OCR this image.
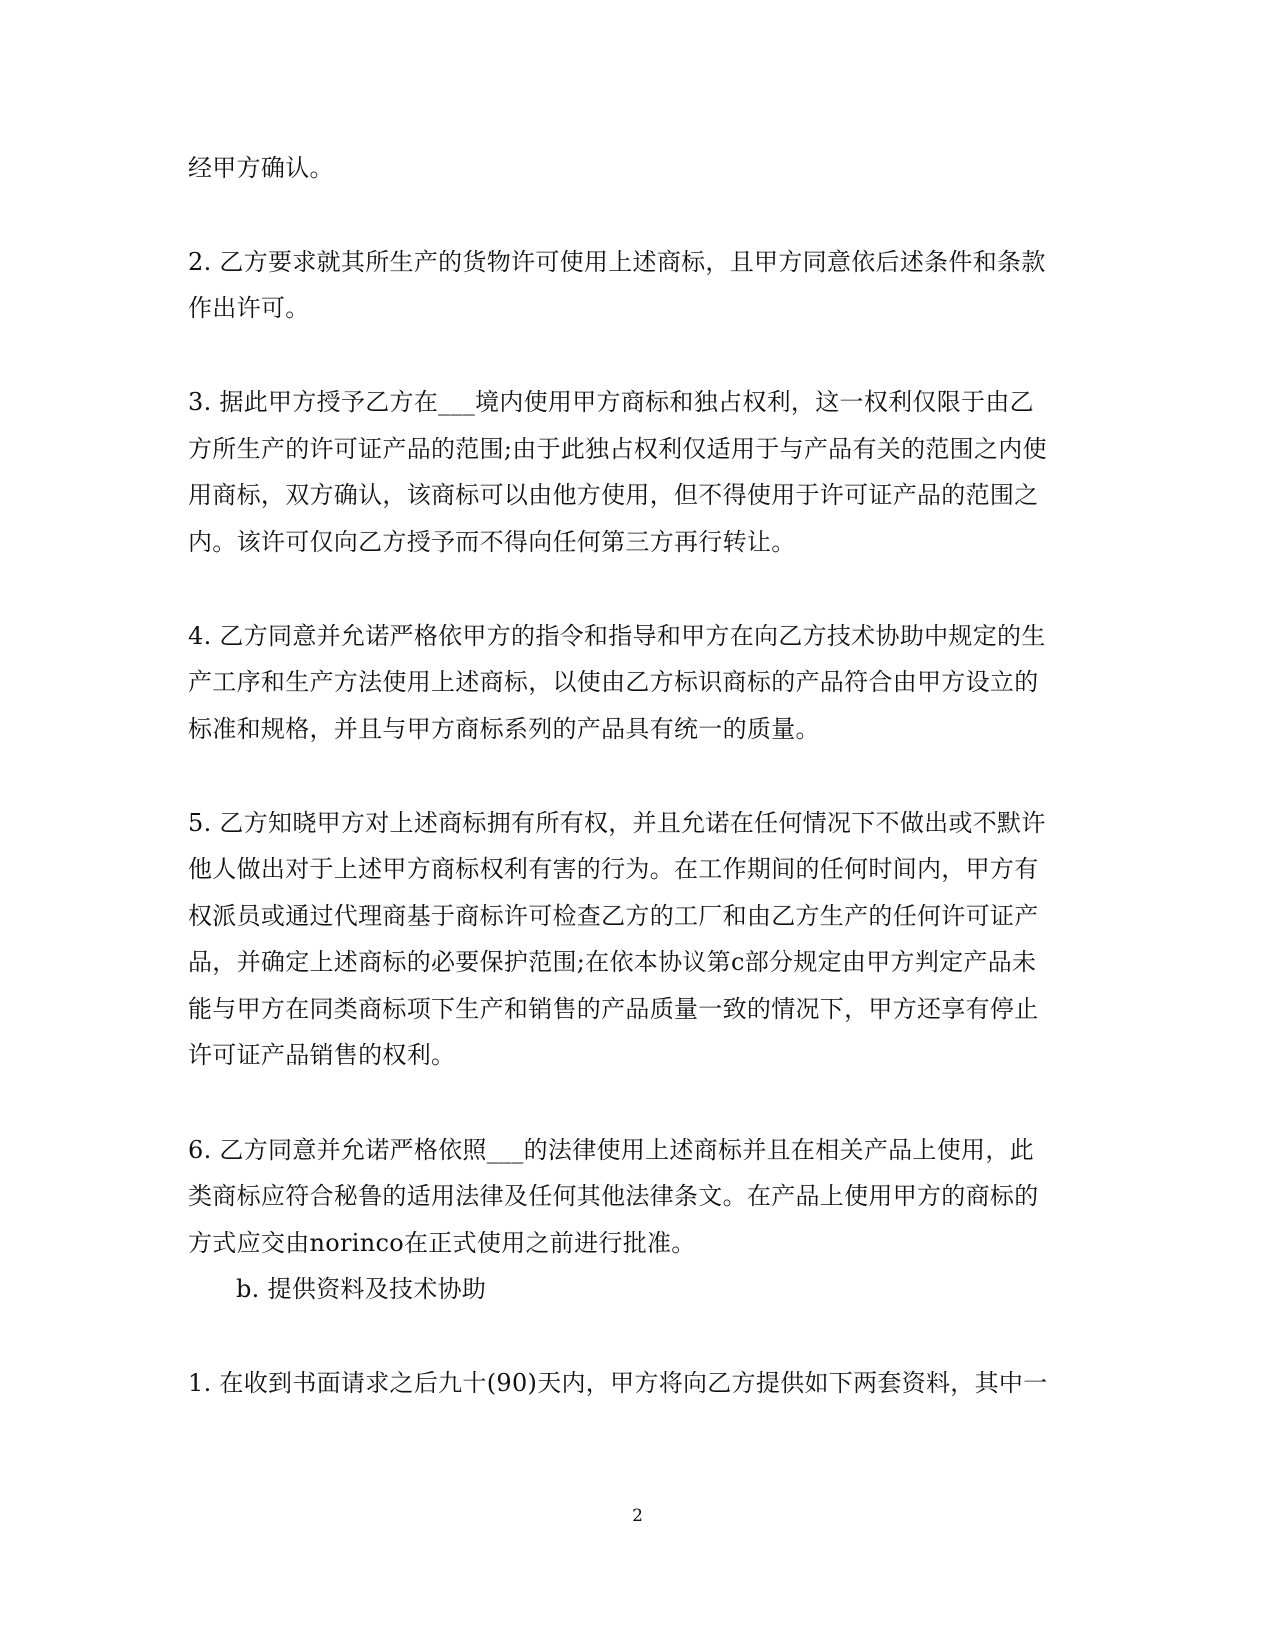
经甲方确认。
2. 乙方要求就其所生产的货物许可使用上述商标，且甲方同意依后述条件和条款
作出许可。
3. 据此甲方授予乙方在___境内使用甲方商标和独占权利，这一权利仅限于由乙
方所生产的许可证产品的范围;由于此独占权利仅适用于与产品有关的范围之内使
用商标，双方确认，该商标可以由他方使用，但不得使用于许可证产品的范围之
内。该许可仅向乙方授予而不得向任何第三方再行转让。
4. 乙方同意并允诺严格依甲方的指令和指导和甲方在向乙方技术协助中规定的生
产工序和生产方法使用上述商标，以使由乙方标识商标的产品符合由甲方设立的
标准和规格，并且与甲方商标系列的产品具有统一的质量。
5. 乙方知晓甲方对上述商标拥有所有权，并且允诺在任何情况下不做出或不默许
他人做出对于上述甲方商标权利有害的行为。在工作期间的任何时间内，甲方有
权派员或通过代理商基于商标许可检查乙方的工厂和由乙方生产的任何许可证产
品，并确定上述商标的必要保护范围;在依本协议第c部分规定由甲方判定产品未
能与甲方在同类商标项下生产和销售的产品质量一致的情况下，甲方还享有停止
许可证产品销售的权利。
6. 乙方同意并允诺严格依照___的法律使用上述商标并且在相关产品上使用，此
类商标应符合秘鲁的适用法律及任何其他法律条文。在产品上使用甲方的商标的
方式应交由norinco在正式使用之前进行批准。
b. 提供资料及技术协助
1. 在收到书面请求之后九十(90)天内，甲方将向乙方提供如下两套资料，其中一
2
